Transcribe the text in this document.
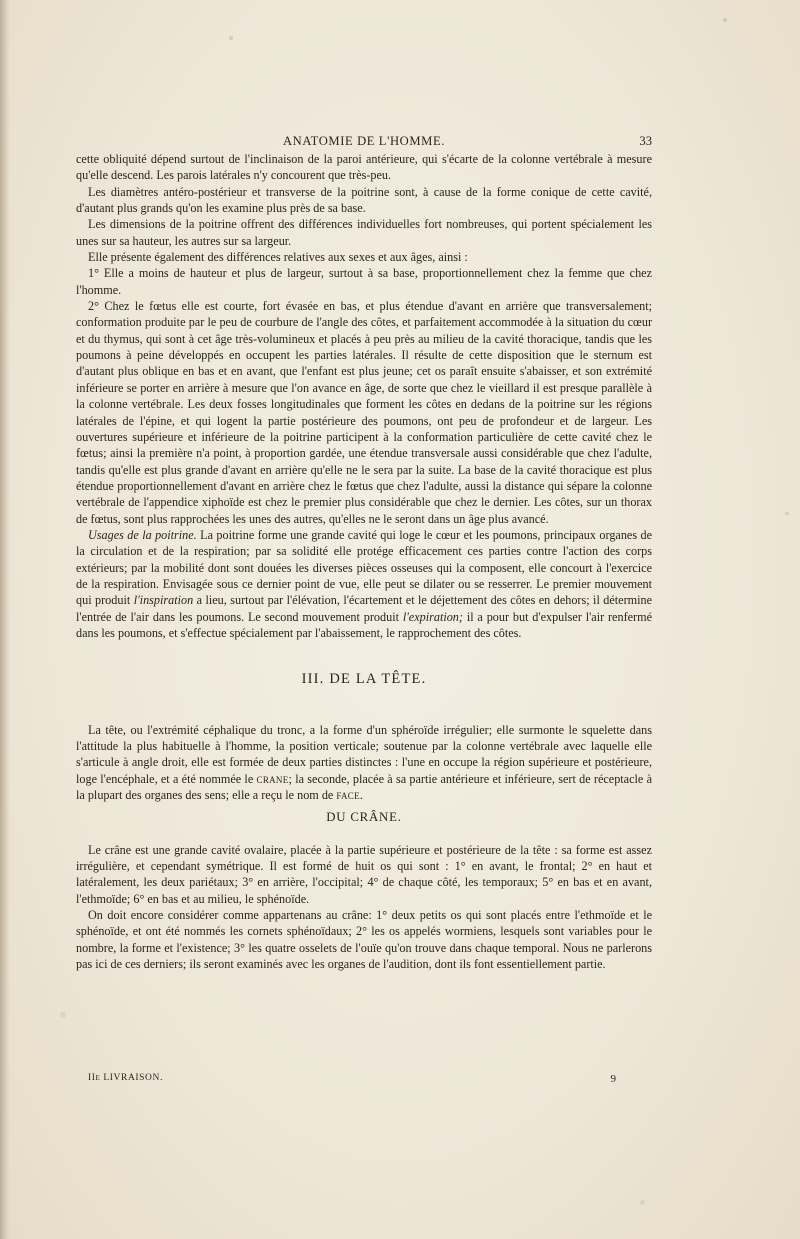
ANATOMIE DE L'HOMME.	33

cette obliquité dépend surtout de l'inclinaison de la paroi antérieure, qui s'écarte de la colonne vertébrale à mesure qu'elle descend. Les parois latérales n'y concourent que très-peu.

Les diamètres antéro-postérieur et transverse de la poitrine sont, à cause de la forme conique de cette cavité, d'autant plus grands qu'on les examine plus près de sa base.

Les dimensions de la poitrine offrent des différences individuelles fort nombreuses, qui portent spécialement les unes sur sa hauteur, les autres sur sa largeur.

Elle présente également des différences relatives aux sexes et aux âges, ainsi :

1° Elle a moins de hauteur et plus de largeur, surtout à sa base, proportionnellement chez la femme que chez l'homme.

2° Chez le fœtus elle est courte, fort évasée en bas, et plus étendue d'avant en arrière que transversalement; conformation produite par le peu de courbure de l'angle des côtes, et parfaitement accommodée à la situation du cœur et du thymus, qui sont à cet âge très-volumineux et placés à peu près au milieu de la cavité thoracique, tandis que les poumons à peine développés en occupent les parties latérales. Il résulte de cette disposition que le sternum est d'autant plus oblique en bas et en avant, que l'enfant est plus jeune; cet os paraît ensuite s'abaisser, et son extrémité inférieure se porter en arrière à mesure que l'on avance en âge, de sorte que chez le vieillard il est presque parallèle à la colonne vertébrale. Les deux fosses longitudinales que forment les côtes en dedans de la poitrine sur les régions latérales de l'épine, et qui logent la partie postérieure des poumons, ont peu de profondeur et de largeur. Les ouvertures supérieure et inférieure de la poitrine participent à la conformation particulière de cette cavité chez le fœtus; ainsi la première n'a point, à proportion gardée, une étendue transversale aussi considérable que chez l'adulte, tandis qu'elle est plus grande d'avant en arrière qu'elle ne le sera par la suite. La base de la cavité thoracique est plus étendue proportionnellement d'avant en arrière chez le fœtus que chez l'adulte, aussi la distance qui sépare la colonne vertébrale de l'appendice xiphoïde est chez le premier plus considérable que chez le dernier. Les côtes, sur un thorax de fœtus, sont plus rapprochées les unes des autres, qu'elles ne le seront dans un âge plus avancé.

Usages de la poitrine. La poitrine forme une grande cavité qui loge le cœur et les poumons, principaux organes de la circulation et de la respiration; par sa solidité elle protége efficacement ces parties contre l'action des corps extérieurs; par la mobilité dont sont douées les diverses pièces osseuses qui la composent, elle concourt à l'exercice de la respiration. Envisagée sous ce dernier point de vue, elle peut se dilater ou se resserrer. Le premier mouvement qui produit l'inspiration a lieu, surtout par l'élévation, l'écartement et le déjettement des côtes en dehors; il détermine l'entrée de l'air dans les poumons. Le second mouvement produit l'expiration; il a pour but d'expulser l'air renfermé dans les poumons, et s'effectue spécialement par l'abaissement, le rapprochement des côtes.

III. DE LA TÊTE.

La tête, ou l'extrémité céphalique du tronc, a la forme d'un sphéroïde irrégulier; elle surmonte le squelette dans l'attitude la plus habituelle à l'homme, la position verticale; soutenue par la colonne vertébrale avec laquelle elle s'articule à angle droit, elle est formée de deux parties distinctes : l'une en occupe la région supérieure et postérieure, loge l'encéphale, et a été nommée le crane; la seconde, placée à sa partie antérieure et inférieure, sert de réceptacle à la plupart des organes des sens; elle a reçu le nom de face.

DU CRÂNE.

Le crâne est une grande cavité ovalaire, placée à la partie supérieure et postérieure de la tête : sa forme est assez irrégulière, et cependant symétrique. Il est formé de huit os qui sont : 1° en avant, le frontal; 2° en haut et latéralement, les deux pariétaux; 3° en arrière, l'occipital; 4° de chaque côté, les temporaux; 5° en bas et en avant, l'ethmoïde; 6° en bas et au milieu, le sphénoïde.

On doit encore considérer comme appartenans au crâne: 1° deux petits os qui sont placés entre l'ethmoïde et le sphénoïde, et ont été nommés les cornets sphénoïdaux; 2° les os appelés wormiens, lesquels sont variables pour le nombre, la forme et l'existence; 3° les quatre osselets de l'ouïe qu'on trouve dans chaque temporal. Nous ne parlerons pas ici de ces derniers; ils seront examinés avec les organes de l'audition, dont ils font essentiellement partie.

IIe LIVRAISON.	9
